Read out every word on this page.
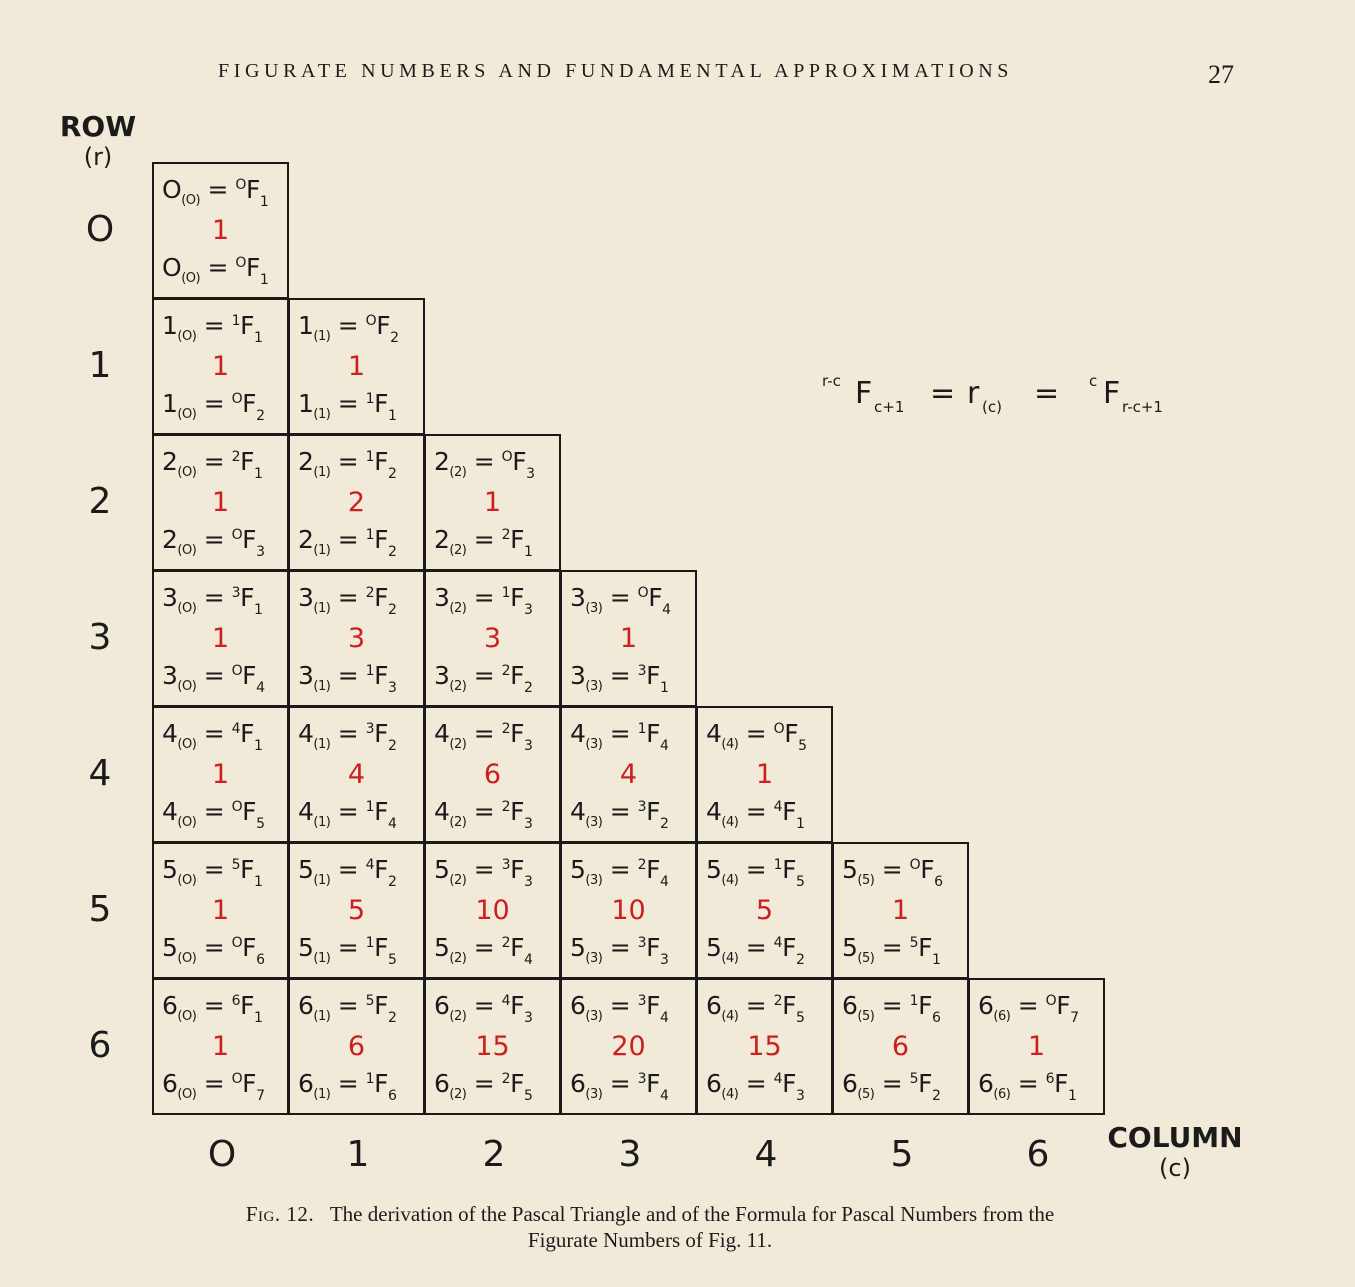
FIGURATE NUMBERS AND FUNDAMENTAL APPROXIMATIONS	27
ROW
(r)
COLUMN
(c)
O
1
2
3
4
5
6
O	1	2	3	4	5	6
$O_{(O)} = ^OF_1$
1
$O_{(O)} = ^OF_1$
$1_{(O)} = ^1F_1$
1
$1_{(O)} = ^OF_2$
$1_{(1)} = ^OF_2$
1
$1_{(1)} = ^1F_1$
$2_{(O)} = ^2F_1$
1
$2_{(O)} = ^OF_3$
$2_{(1)} = ^1F_2$
2
$2_{(1)} = ^1F_2$
$2_{(2)} = ^OF_3$
1
$2_{(2)} = ^2F_1$
$3_{(O)} = ^3F_1$
1
$3_{(O)} = ^OF_4$
$3_{(1)} = ^2F_2$
3
$3_{(1)} = ^1F_3$
$3_{(2)} = ^1F_3$
3
$3_{(2)} = ^2F_2$
$3_{(3)} = ^OF_4$
1
$3_{(3)} = ^3F_1$
$4_{(O)} = ^4F_1$
1
$4_{(O)} = ^OF_5$
$4_{(1)} = ^3F_2$
4
$4_{(1)} = ^1F_4$
$4_{(2)} = ^2F_3$
6
$4_{(2)} = ^2F_3$
$4_{(3)} = ^1F_4$
4
$4_{(3)} = ^3F_2$
$4_{(4)} = ^OF_5$
1
$4_{(4)} = ^4F_1$
$5_{(O)} = ^5F_1$
1
$5_{(O)} = ^OF_6$
$5_{(1)} = ^4F_2$
5
$5_{(1)} = ^1F_5$
$5_{(2)} = ^3F_3$
10
$5_{(2)} = ^2F_4$
$5_{(3)} = ^2F_4$
10
$5_{(3)} = ^3F_3$
$5_{(4)} = ^1F_5$
5
$5_{(4)} = ^4F_2$
$5_{(5)} = ^OF_6$
1
$5_{(5)} = ^5F_1$
$6_{(O)} = ^6F_1$
1
$6_{(O)} = ^OF_7$
$6_{(1)} = ^5F_2$
6
$6_{(1)} = ^1F_6$
$6_{(2)} = ^4F_3$
15
$6_{(2)} = ^2F_5$
$6_{(3)} = ^3F_4$
20
$6_{(3)} = ^3F_4$
$6_{(4)} = ^2F_5$
15
$6_{(4)} = ^4F_3$
$6_{(5)} = ^1F_6$
6
$6_{(5)} = ^5F_2$
$6_{(6)} = ^OF_7$
1
$6_{(6)} = ^6F_1$
r-c F c+1 = r (c) = c F r-c+1
Fig. 12. The derivation of the Pascal Triangle and of the Formula for Pascal Numbers from the
Figurate Numbers of Fig. 11.
